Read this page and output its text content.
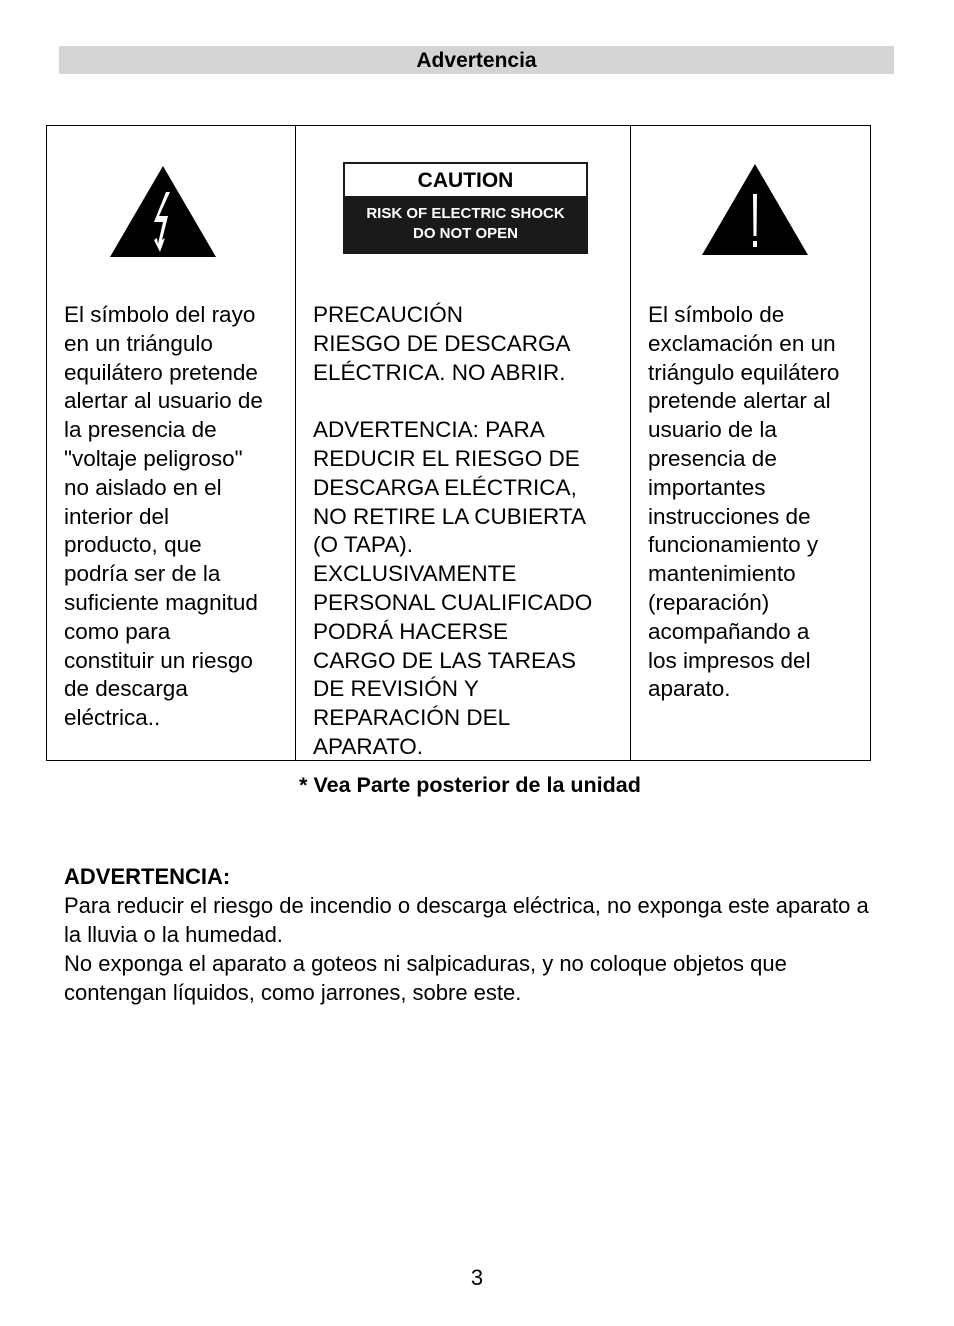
Advertencia
El símbolo del rayo
en un triángulo
equilátero pretende
alertar al usuario de
la presencia de
"voltaje peligroso"
no aislado en el
interior del
producto, que
podría ser de la
suficiente magnitud
como para
constituir un riesgo
de descarga
eléctrica..
CAUTION
RISK OF ELECTRIC SHOCK
DO NOT OPEN
PRECAUCIÓN
RIESGO DE DESCARGA
ELÉCTRICA. NO ABRIR.

ADVERTENCIA: PARA
REDUCIR EL RIESGO DE
DESCARGA ELÉCTRICA,
NO RETIRE LA CUBIERTA
(O TAPA).
EXCLUSIVAMENTE
PERSONAL CUALIFICADO
PODRÁ HACERSE
CARGO DE LAS TAREAS
DE REVISIÓN Y
REPARACIÓN DEL
APARATO.
El símbolo de
exclamación en un
triángulo equilátero
pretende alertar al
usuario de la
presencia de
importantes
instrucciones de
funcionamiento y
mantenimiento
(reparación)
acompañando a
los impresos del
aparato.
* Vea Parte posterior de la unidad
ADVERTENCIA:
Para reducir el riesgo de incendio o descarga eléctrica, no exponga este aparato a la lluvia o la humedad.
No exponga el aparato a goteos ni salpicaduras, y no coloque objetos que contengan líquidos, como jarrones, sobre este.
3
